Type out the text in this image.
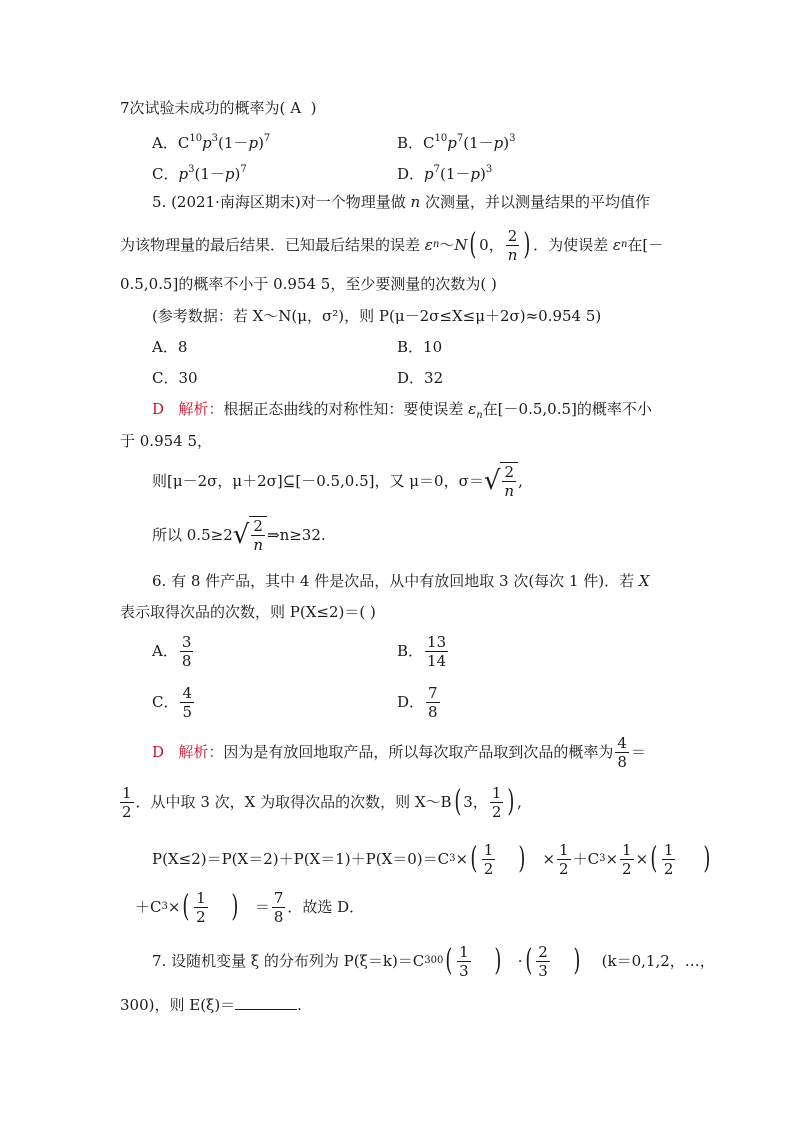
7次试验未成功的概率为( A )
A．$C^{10}p^3(1-p)^7$	B．$C^{10}p^7(1-p)^3$
C．$p^3(1-p)^7$	D．$p^7(1-p)^3$
5. (2021·南海区期末)对一个物理量做 n 次测量，并以测量结果的平均值作
为该物理量的最后结果．已知最后结果的误差
ε n ～ N ( 0， $\frac{2}{n}$ ) ．为使误差
ε n 在[－
0.5,0.5]的概率不小于 0.954 5，至少要测量的次数为( )
(参考数据：若 X～N(μ，σ²)，则 P(μ－2σ≤X≤μ＋2σ)≈0.954 5)
A．8	B．10
C．30	D．32
D 解析：根据正态曲线的对称性知：要使误差 $\varepsilon_n$在[－0.5,0.5]的概率不小
于 0.954 5，
则[μ－2σ，μ＋2σ]⊆[－0.5,0.5]，又 μ＝0，σ＝ √ $\frac{2}{n}$ ,
所以 0.5≥2 √ $\frac{2}{n}$ ⇒n≥32.
6. 有 8 件产品，其中 4 件是次品，从中有放回地取 3 次(每次 1 件)．若 X
表示取得次品的次数，则 P(X≤2)＝( )
A． $\frac{3}{8}$	B． $\frac{13}{14}$
C． $\frac{4}{5}$	D． $\frac{7}{8}$
D
解析： 因为是有放回地取产品，所以每次取产品取到次品的概率为 $\frac{4}{8}$ ＝
$\frac{1}{2}$ ．从中取 3 次，X 为取得次品的次数，则 X～B ( 3， $\frac{1}{2}$ ) ,
P(X≤2)＝P(X＝2)＋P(X＝1)＋P(X＝0)＝C 3 × ( $\frac{1}{2}$
)
× $\frac{1}{2} +C$ $3 \times \frac{1}{2}$ × ( $\frac{1}{2}$
)
＋C 3 × ( $\frac{1}{2}$
)
＝ $\frac{7}{8}$ ．故选 D．
7. 设随机变量 ξ 的分布列为 P(ξ＝k)＝C 300 ( $\frac{1}{3}$
)
· ( $\frac{2}{3}$
)
(k＝0,1,2，…，
300)，则 E(ξ)＝	.
